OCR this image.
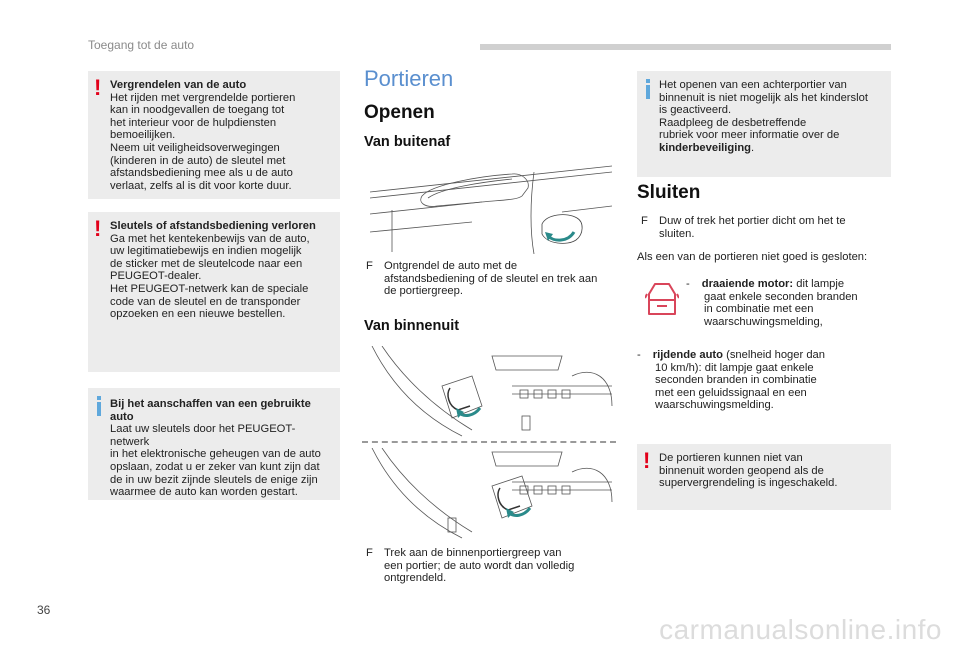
Toegang tot de auto
! Vergrendelen van de auto

Het rijden met vergrendelde portieren

kan in noodgevallen de toegang tot

het interieur voor de hulpdiensten

bemoeilijken.

Neem uit veiligheidsoverwegingen

(kinderen in de auto) de sleutel met

afstandsbediening mee als u de auto

verlaat, zelfs al is dit voor korte duur.

! Sleutels of afstandsbediening verloren

Ga met het kentekenbewijs van de auto,

uw legitimatiebewijs en indien mogelijk

de sticker met de sleutelcode naar een

PEUGEOT-dealer.

Het PEUGEOT-netwerk kan de speciale

code van de sleutel en de transponder

opzoeken en een nieuwe bestellen.

Bij het aanschaffen van een gebruikte

auto

Laat uw sleutels door het PEUGEOT-netwerk

in het elektronische geheugen van de auto

opslaan, zodat u er zeker van kunt zijn dat

de in uw bezit zijnde sleutels de enige zijn

waarmee de auto kan worden gestart.

Portieren
Openen
Van buitenaf
F Ontgrendel de auto met de
afstandsbediening of de sleutel en trek aan
de portiergreep.
Van binnenuit
F Trek aan de binnenportiergreep van
een portier; de auto wordt dan volledig
ontgrendeld.

Het openen van een achterportier van

binnenuit is niet mogelijk als het kinderslot

is geactiveerd.

Raadpleeg de desbetreffende

rubriek voor meer informatie over de

kinderbeveiliging.

Sluiten
F Duw of trek het portier dicht om het te
sluiten.
Als een van de portieren niet goed is gesloten:
- draaiende motor: dit lampje
gaat enkele seconden branden
in combinatie met een
waarschuwingsmelding,
- rijdende auto (snelheid hoger dan
10 km/h): dit lampje gaat enkele
seconden branden in combinatie
met een geluidssignaal en een
waarschuwingsmelding.
! De portieren kunnen niet van

binnenuit worden geopend als de

supervergrendeling is ingeschakeld.

36
carmanualsonline.info
